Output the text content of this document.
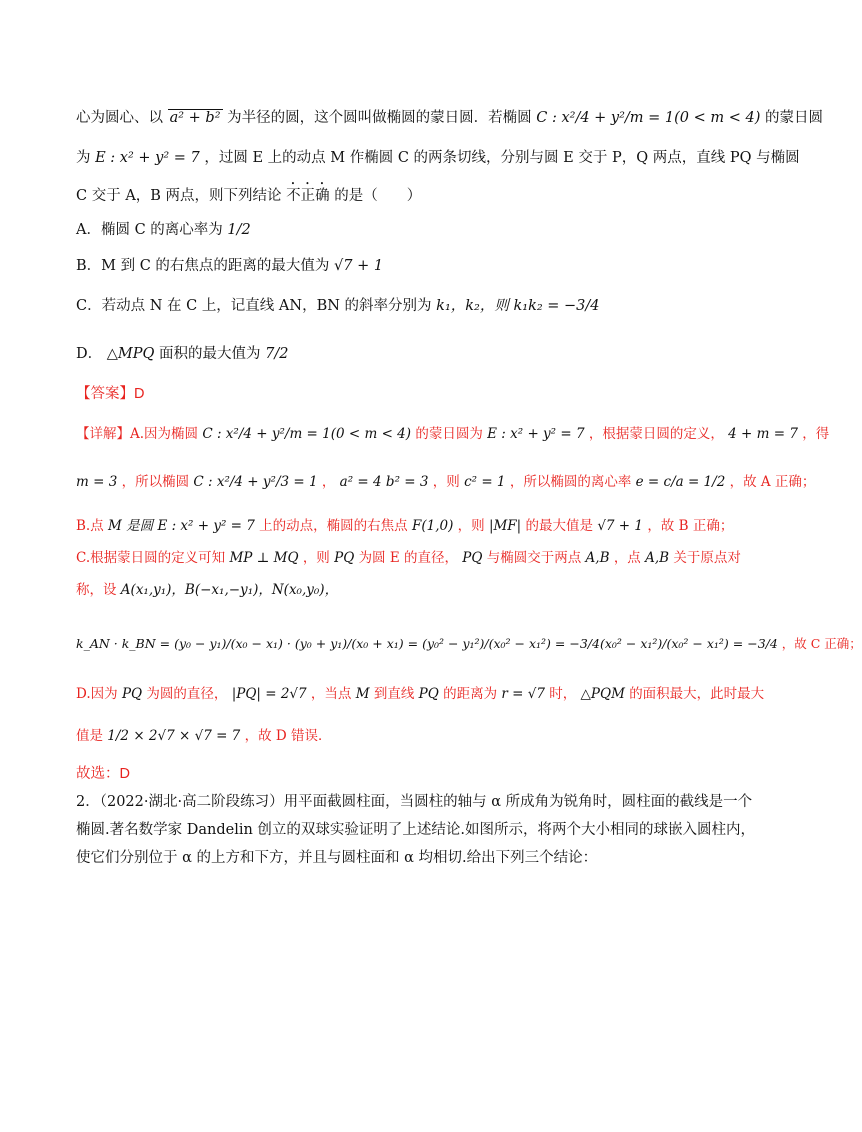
心为圆心、以 a² + b² 为半径的圆，这个圆叫做椭圆的蒙日圆．若椭圆 C : x²/4 + y²/m = 1(0 < m < 4) 的蒙日圆
为 E : x² + y² = 7 ，过圆 E 上的动点 M 作椭圆 C 的两条切线，分别与圆 E 交于 P，Q 两点，直线 PQ 与椭圆
C 交于 A，B 两点，则下列结论 不正确 的是（　　）
A．椭圆 C 的离心率为 1/2
B．M 到 C 的右焦点的距离的最大值为 √7 + 1
C．若动点 N 在 C 上，记直线 AN，BN 的斜率分别为 k₁，k₂，则 k₁k₂ = −3/4
D． △MPQ 面积的最大值为 7/2
【答案】D
【详解】A.因为椭圆 C : x²/4 + y²/m = 1(0 < m < 4) 的蒙日圆为 E : x² + y² = 7 ，根据蒙日圆的定义， 4 + m = 7 ，得
m = 3 ，所以椭圆 C : x²/4 + y²/3 = 1 ， a² = 4 b² = 3 ，则 c² = 1 ，所以椭圆的离心率 e = c/a = 1/2 ，故 A 正确；
B.点 M 是圆 E : x² + y² = 7 上的动点，椭圆的右焦点 F(1,0) ，则 |MF| 的最大值是 √7 + 1 ，故 B 正确；
C.根据蒙日圆的定义可知 MP ⊥ MQ ，则 PQ 为圆 E 的直径， PQ 与椭圆交于两点 A,B ，点 A,B 关于原点对
称，设 A(x₁,y₁)，B(−x₁,−y₁)，N(x₀,y₀)，
k_AN · k_BN = (y₀ − y₁)/(x₀ − x₁) · (y₀ + y₁)/(x₀ + x₁) = (y₀² − y₁²)/(x₀² − x₁²) = −3/4(x₀² − x₁²)/(x₀² − x₁²) = −3/4 ，故 C 正确；
D.因为 PQ 为圆的直径， |PQ| = 2√7 ，当点 M 到直线 PQ 的距离为 r = √7 时， △PQM 的面积最大，此时最大
值是 1/2 × 2√7 × √7 = 7 ，故 D 错误．
故选：D
2．（2022·湖北·高二阶段练习）用平面截圆柱面，当圆柱的轴与 α 所成角为锐角时，圆柱面的截线是一个
椭圆.著名数学家 Dandelin 创立的双球实验证明了上述结论.如图所示，将两个大小相同的球嵌入圆柱内，
使它们分别位于 α 的上方和下方，并且与圆柱面和 α 均相切.给出下列三个结论：
